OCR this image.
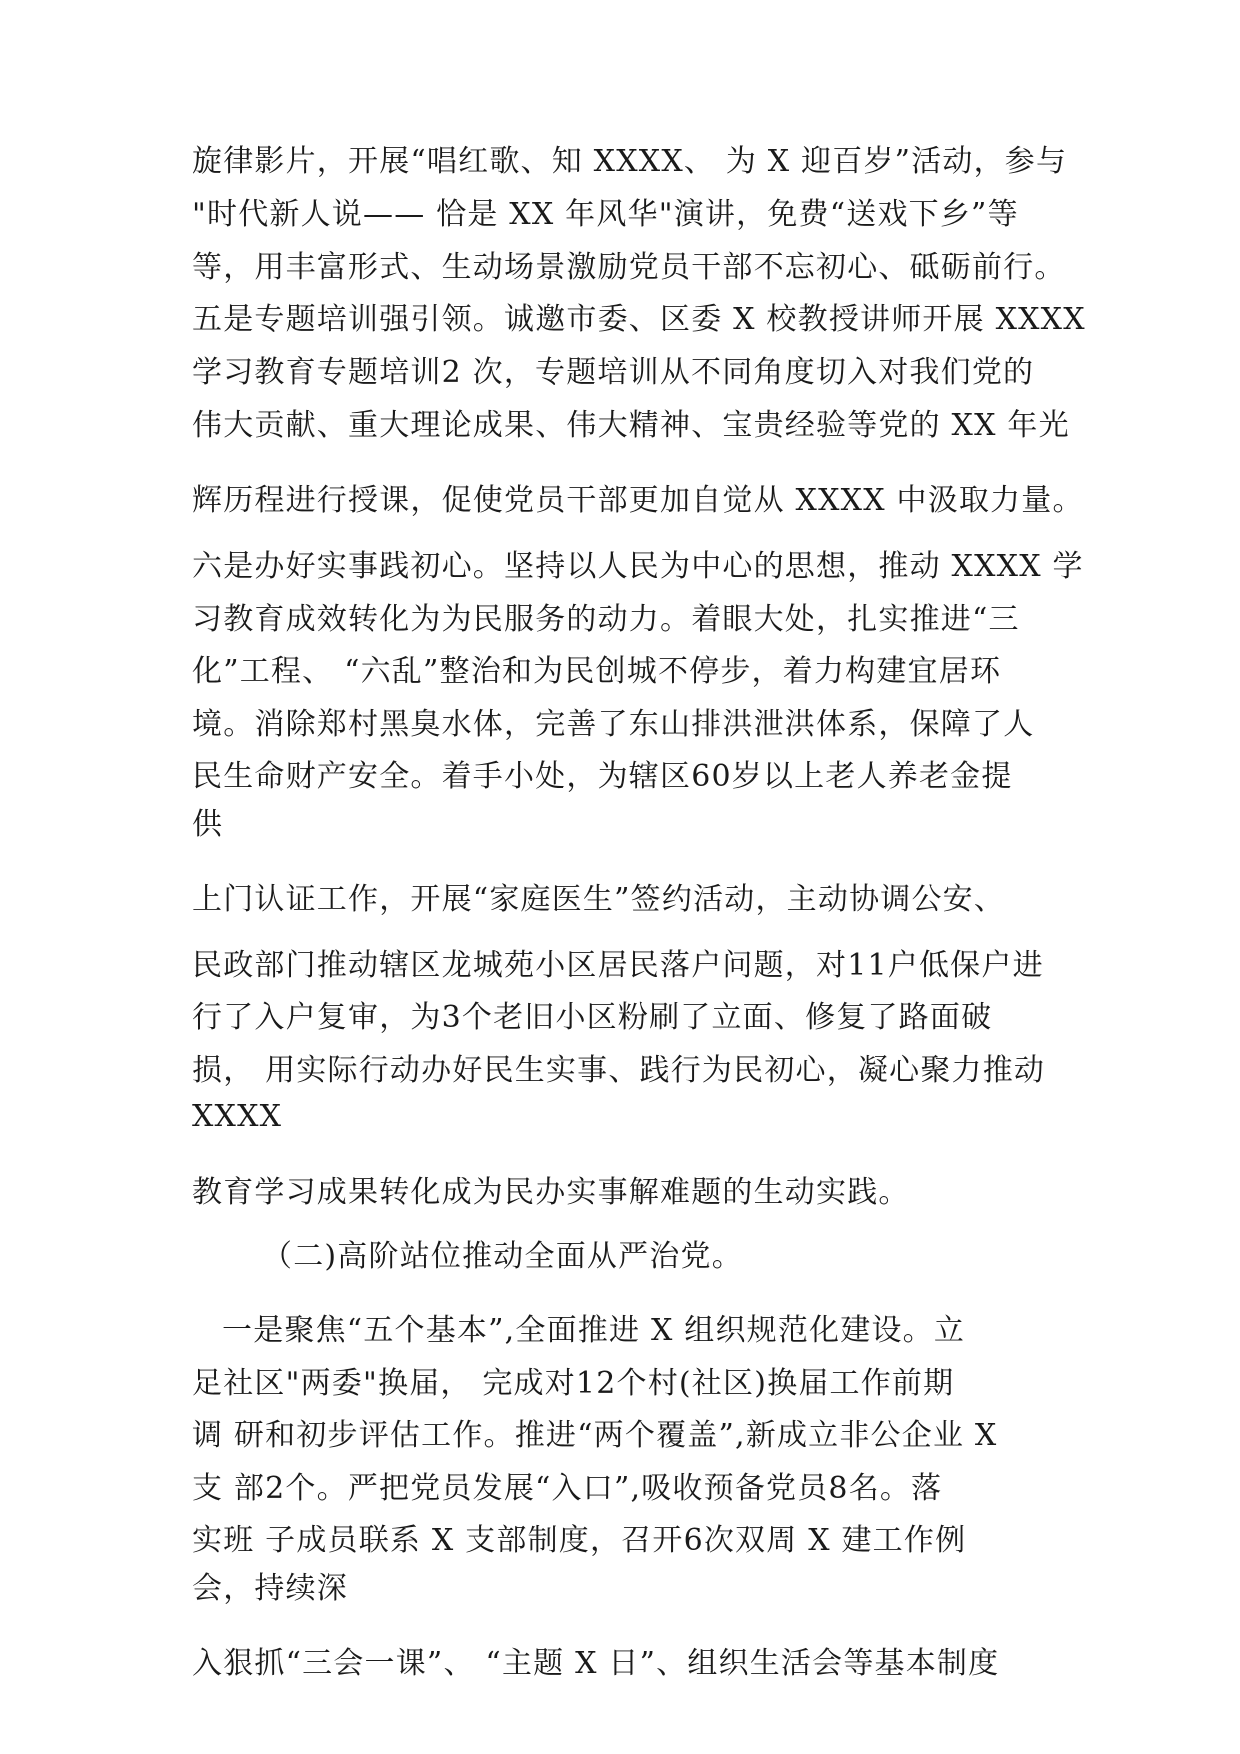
旋律影片，开展“唱红歌、知 XXXX、 为 X 迎百岁”活动，参与

"时代新人说—— 恰是 XX 年风华"演讲，免费“送戏下乡”等

等，用丰富形式、生动场景激励党员干部不忘初心、砥砺前行。

五是专题培训强引领。诚邀市委、区委 X 校教授讲师开展 XXXX

学习教育专题培训2 次，专题培训从不同角度切入对我们党的

伟大贡献、重大理论成果、伟大精神、宝贵经验等党的 XX 年光

辉历程进行授课，促使党员干部更加自觉从 XXXX 中汲取力量。

六是办好实事践初心。坚持以人民为中心的思想，推动 XXXX 学

习教育成效转化为为民服务的动力。着眼大处，扎实推进“三

化”工程、 “六乱”整治和为民创城不停步，着力构建宜居环

境。消除郑村黑臭水体，完善了东山排洪泄洪体系，保障了人

民生命财产安全。着手小处，为辖区60岁以上老人养老金提

供

上门认证工作，开展“家庭医生”签约活动，主动协调公安、

民政部门推动辖区龙城苑小区居民落户问题，对11户低保户进

行了入户复审，为3个老旧小区粉刷了立面、修复了路面破

损， 用实际行动办好民生实事、践行为民初心，凝心聚力推动

XXXX

教育学习成果转化成为民办实事解难题的生动实践。

（二)高阶站位推动全面从严治党。

一是聚焦“五个基本”,全面推进 X 组织规范化建设。立

足社区"两委"换届， 完成对12个村(社区)换届工作前期

调 研和初步评估工作。推进“两个覆盖”,新成立非公企业 X

支 部2个。严把党员发展“入口”,吸收预备党员8名。落

实班 子成员联系 X 支部制度，召开6次双周 X 建工作例

会，持续深

入狠抓“三会一课”、 “主题 X 日”、组织生活会等基本制度
